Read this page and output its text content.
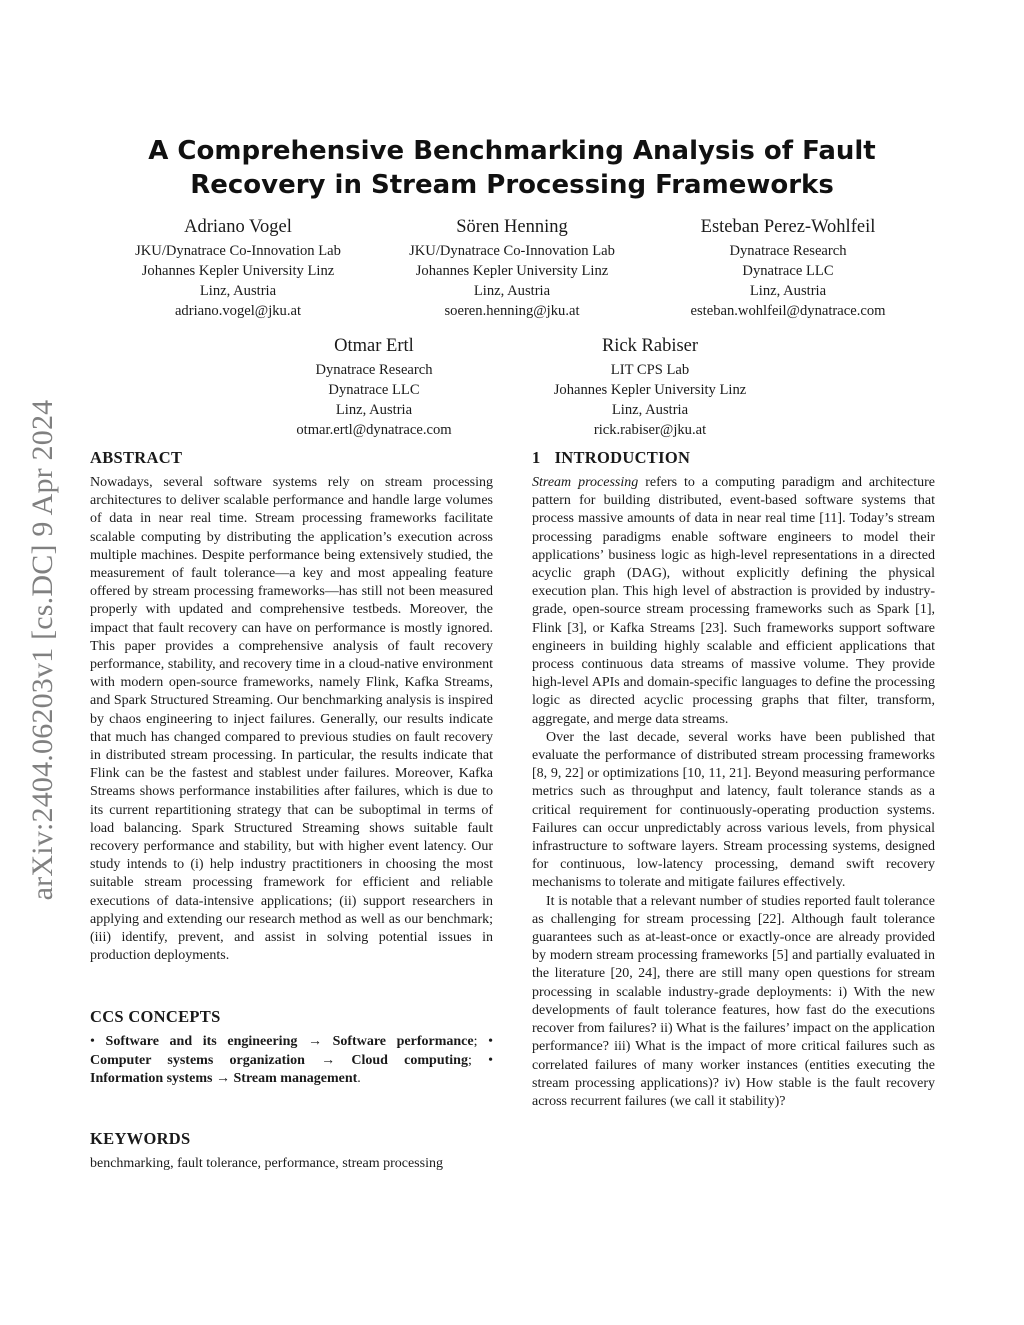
arXiv:2404.06203v1 [cs.DC] 9 Apr 2024
A Comprehensive Benchmarking Analysis of Fault Recovery in Stream Processing Frameworks
Adriano Vogel
JKU/Dynatrace Co-Innovation Lab
Johannes Kepler University Linz
Linz, Austria
adriano.vogel@jku.at
Sören Henning
JKU/Dynatrace Co-Innovation Lab
Johannes Kepler University Linz
Linz, Austria
soeren.henning@jku.at
Esteban Perez-Wohlfeil
Dynatrace Research
Dynatrace LLC
Linz, Austria
esteban.wohlfeil@dynatrace.com
Otmar Ertl
Dynatrace Research
Dynatrace LLC
Linz, Austria
otmar.ertl@dynatrace.com
Rick Rabiser
LIT CPS Lab
Johannes Kepler University Linz
Linz, Austria
rick.rabiser@jku.at
ABSTRACT

Nowadays, several software systems rely on stream processing architectures to deliver scalable performance and handle large volumes of data in near real time. Stream processing frameworks facilitate scalable computing by distributing the application’s execution across multiple machines. Despite performance being extensively studied, the measurement of fault tolerance—a key and most appealing feature offered by stream processing frameworks—has still not been measured properly with updated and comprehensive testbeds. Moreover, the impact that fault recovery can have on performance is mostly ignored. This paper provides a comprehensive analysis of fault recovery performance, stability, and recovery time in a cloud-native environment with modern open-source frameworks, namely Flink, Kafka Streams, and Spark Structured Streaming. Our benchmarking analysis is inspired by chaos engineering to inject failures. Generally, our results indicate that much has changed compared to previous studies on fault recovery in distributed stream processing. In particular, the results indicate that Flink can be the fastest and stablest under failures. Moreover, Kafka Streams shows performance instabilities after failures, which is due to its current repartitioning strategy that can be suboptimal in terms of load balancing. Spark Structured Streaming shows suitable fault recovery performance and stability, but with higher event latency. Our study intends to (i) help industry practitioners in choosing the most suitable stream processing framework for efficient and reliable executions of data-intensive applications; (ii) support researchers in applying and extending our research method as well as our benchmark; (iii) identify, prevent, and assist in solving potential issues in production deployments.

CCS CONCEPTS

• Software and its engineering → Software performance; • Computer systems organization → Cloud computing; • Information systems → Stream management.

KEYWORDS

benchmarking, fault tolerance, performance, stream processing

1 INTRODUCTION

Stream processing refers to a computing paradigm and architecture pattern for building distributed, event-based software systems that process massive amounts of data in near real time [11]. Today’s stream processing paradigms enable software engineers to model their applications’ business logic as high-level representations in a directed acyclic graph (DAG), without explicitly defining the physical execution plan. This high level of abstraction is provided by industry-grade, open-source stream processing frameworks such as Spark [1], Flink [3], or Kafka Streams [23]. Such frameworks support software engineers in building highly scalable and efficient applications that process continuous data streams of massive volume. They provide high-level APIs and domain-specific languages to define the processing logic as directed acyclic processing graphs that filter, transform, aggregate, and merge data streams.

Over the last decade, several works have been published that evaluate the performance of distributed stream processing frameworks [8, 9, 22] or optimizations [10, 11, 21]. Beyond measuring performance metrics such as throughput and latency, fault tolerance stands as a critical requirement for continuously-operating production systems. Failures can occur unpredictably across various levels, from physical infrastructure to software layers. Stream processing systems, designed for continuous, low-latency processing, demand swift recovery mechanisms to tolerate and mitigate failures effectively.

It is notable that a relevant number of studies reported fault tolerance as challenging for stream processing [22]. Although fault tolerance guarantees such as at-least-once or exactly-once are already provided by modern stream processing frameworks [5] and partially evaluated in the literature [20, 24], there are still many open questions for stream processing in scalable industry-grade deployments: i) With the new developments of fault tolerance features, how fast do the executions recover from failures? ii) What is the failures’ impact on the application performance? iii) What is the impact of more critical failures such as correlated failures of many worker instances (entities executing the stream processing applications)? iv) How stable is the fault recovery across recurrent failures (we call it stability)?
